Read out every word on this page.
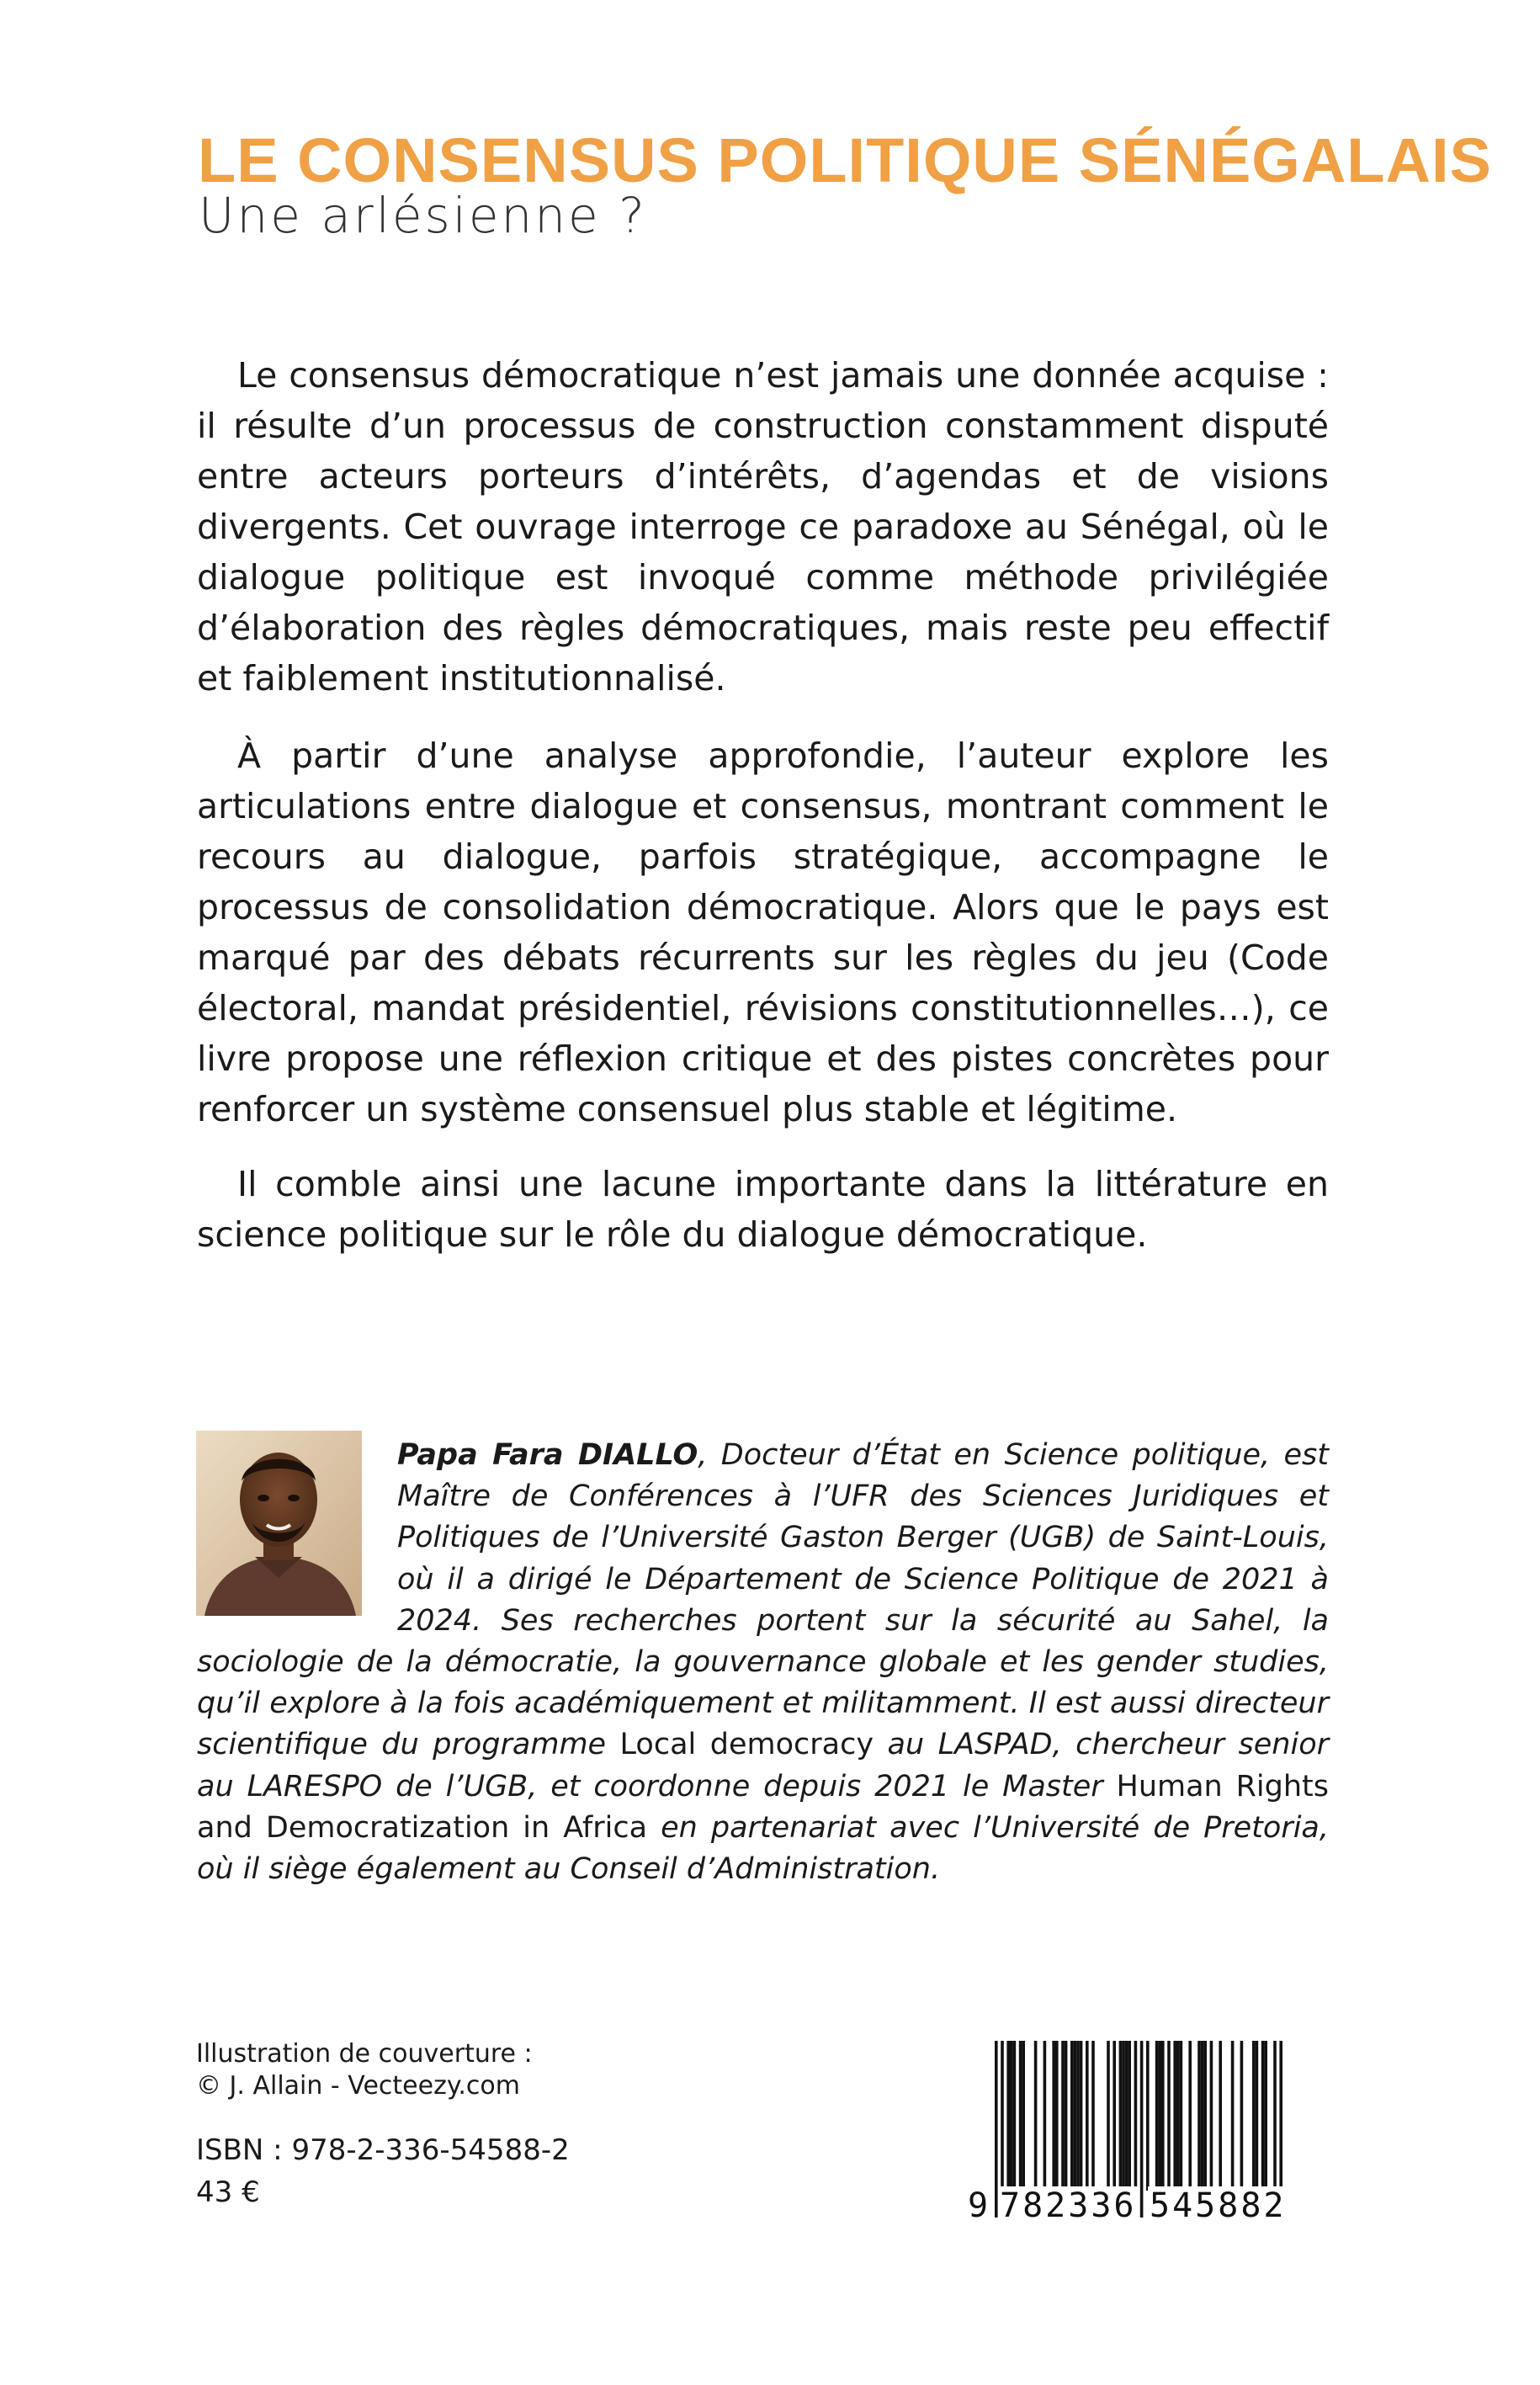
LE CONSENSUS POLITIQUE SÉNÉGALAIS
Une arlésienne ?

Le consensus démocratique n’est jamais une donnée acquise : il résulte d’un processus de construction constamment disputé entre acteurs porteurs d’intérêts, d’agendas et de visions divergents. Cet ouvrage interroge ce paradoxe au Sénégal, où le dialogue politique est invoqué comme méthode privilégiée d’élaboration des règles démocratiques, mais reste peu effectif et faiblement institutionnalisé.

À partir d’une analyse approfondie, l’auteur explore les articulations entre dialogue et consensus, montrant comment le recours au dialogue, parfois stratégique, accompagne le processus de consolidation démocratique. Alors que le pays est marqué par des débats récurrents sur les règles du jeu (Code électoral, mandat présidentiel, révisions constitutionnelles…), ce livre propose une réflexion critique et des pistes concrètes pour renforcer un système consensuel plus stable et légitime.

Il comble ainsi une lacune importante dans la littérature en science politique sur le rôle du dialogue démocratique.

Papa Fara DIALLO, Docteur d’État en Science politique, est Maître de Conférences à l’UFR des Sciences Juridiques et Politiques de l’Université Gaston Berger (UGB) de Saint-Louis, où il a dirigé le Département de Science Politique de 2021 à 2024. Ses recherches portent sur la sécurité au Sahel, la sociologie de la démocratie, la gouvernance globale et les gender studies, qu’il explore à la fois académiquement et militamment. Il est aussi directeur scientifique du programme Local democracy au LASPAD, chercheur senior au LARESPO de l’UGB, et coordonne depuis 2021 le Master Human Rights and Democratization in Africa en partenariat avec l’Université de Pretoria, où il siège également au Conseil d’Administration.

Illustration de couverture :
© J. Allain - Vecteezy.com
ISBN : 978-2-336-54588-2
43 €	9 782336 545882
